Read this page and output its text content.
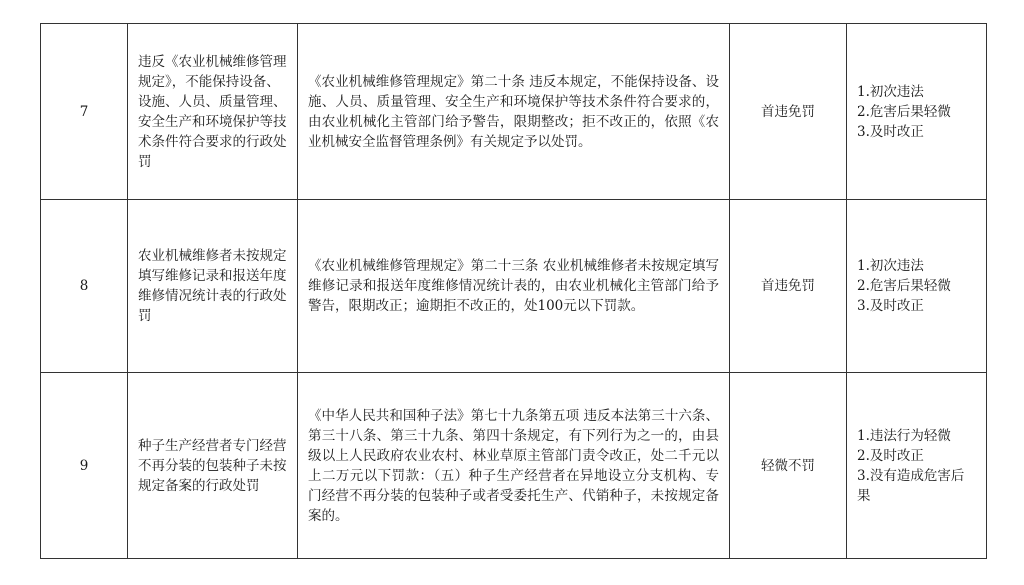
7	违反《农业机械维修管理规定》，不能保持设备、设施、人员、质量管理、安全生产和环境保护等技术条件符合要求的行政处罚	《农业机械维修管理规定》第二十条 违反本规定，不能保持设备、设施、人员、质量管理、安全生产和环境保护等技术条件符合要求的，由农业机械化主管部门给予警告，限期整改；拒不改正的，依照《农业机械安全监督管理条例》有关规定予以处罚。	首违免罚	1.初次违法
2.危害后果轻微
3.及时改正

8	农业机械维修者未按规定填写维修记录和报送年度维修情况统计表的行政处罚	《农业机械维修管理规定》第二十三条 农业机械维修者未按规定填写维修记录和报送年度维修情况统计表的，由农业机械化主管部门给予警告，限期改正；逾期拒不改正的，处100元以下罚款。	首违免罚	1.初次违法
2.危害后果轻微
3.及时改正

9	种子生产经营者专门经营不再分装的包装种子未按规定备案的行政处罚	《中华人民共和国种子法》第七十九条第五项 违反本法第三十六条、第三十八条、第三十九条、第四十条规定，有下列行为之一的，由县级以上人民政府农业农村、林业草原主管部门责令改正，处二千元以上二万元以下罚款：（五）种子生产经营者在异地设立分支机构、专门经营不再分装的包装种子或者受委托生产、代销种子，未按规定备案的。	轻微不罚	1.违法行为轻微
2.及时改正
3.没有造成危害后果
